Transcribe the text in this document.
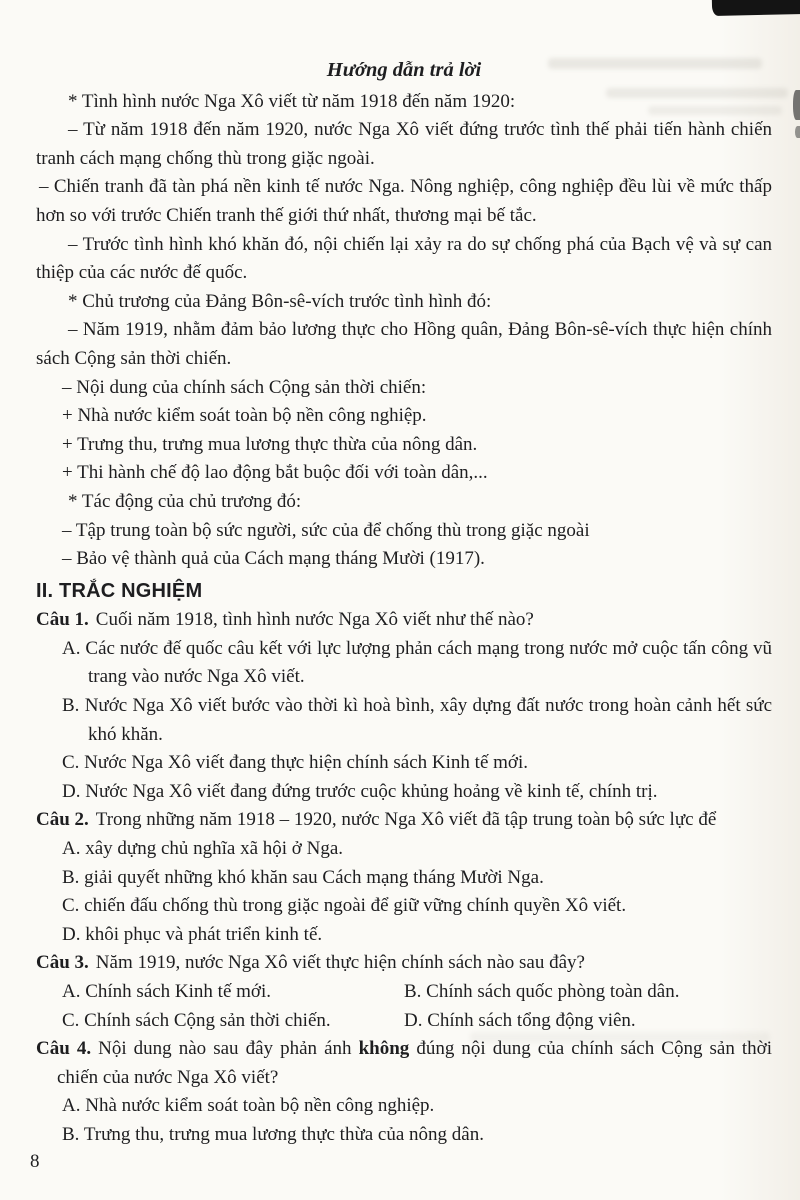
Hướng dẫn trả lời

* Tình hình nước Nga Xô viết từ năm 1918 đến năm 1920:

– Từ năm 1918 đến năm 1920, nước Nga Xô viết đứng trước tình thế phải tiến hành chiến tranh cách mạng chống thù trong giặc ngoài.

– Chiến tranh đã tàn phá nền kinh tế nước Nga. Nông nghiệp, công nghiệp đều lùi về mức thấp hơn so với trước Chiến tranh thế giới thứ nhất, thương mại bế tắc.

– Trước tình hình khó khăn đó, nội chiến lại xảy ra do sự chống phá của Bạch vệ và sự can thiệp của các nước đế quốc.

* Chủ trương của Đảng Bôn-sê-vích trước tình hình đó:

– Năm 1919, nhằm đảm bảo lương thực cho Hồng quân, Đảng Bôn-sê-vích thực hiện chính sách Cộng sản thời chiến.

– Nội dung của chính sách Cộng sản thời chiến:

+ Nhà nước kiểm soát toàn bộ nền công nghiệp.

+ Trưng thu, trưng mua lương thực thừa của nông dân.

+ Thi hành chế độ lao động bắt buộc đối với toàn dân,...

* Tác động của chủ trương đó:

– Tập trung toàn bộ sức người, sức của để chống thù trong giặc ngoài

– Bảo vệ thành quả của Cách mạng tháng Mười (1917).

II. TRẮC NGHIỆM

Câu 1. Cuối năm 1918, tình hình nước Nga Xô viết như thế nào?

A. Các nước đế quốc câu kết với lực lượng phản cách mạng trong nước mở cuộc tấn công vũ trang vào nước Nga Xô viết.

B. Nước Nga Xô viết bước vào thời kì hoà bình, xây dựng đất nước trong hoàn cảnh hết sức khó khăn.

C. Nước Nga Xô viết đang thực hiện chính sách Kinh tế mới.

D. Nước Nga Xô viết đang đứng trước cuộc khủng hoảng về kinh tế, chính trị.

Câu 2. Trong những năm 1918 – 1920, nước Nga Xô viết đã tập trung toàn bộ sức lực để

A. xây dựng chủ nghĩa xã hội ở Nga.

B. giải quyết những khó khăn sau Cách mạng tháng Mười Nga.

C. chiến đấu chống thù trong giặc ngoài để giữ vững chính quyền Xô viết.

D. khôi phục và phát triển kinh tế.

Câu 3. Năm 1919, nước Nga Xô viết thực hiện chính sách nào sau đây?

A. Chính sách Kinh tế mới.	B. Chính sách quốc phòng toàn dân.

C. Chính sách Cộng sản thời chiến.	D. Chính sách tổng động viên.

Câu 4. Nội dung nào sau đây phản ánh không đúng nội dung của chính sách Cộng sản thời chiến của nước Nga Xô viết?

A. Nhà nước kiểm soát toàn bộ nền công nghiệp.

B. Trưng thu, trưng mua lương thực thừa của nông dân.

8
